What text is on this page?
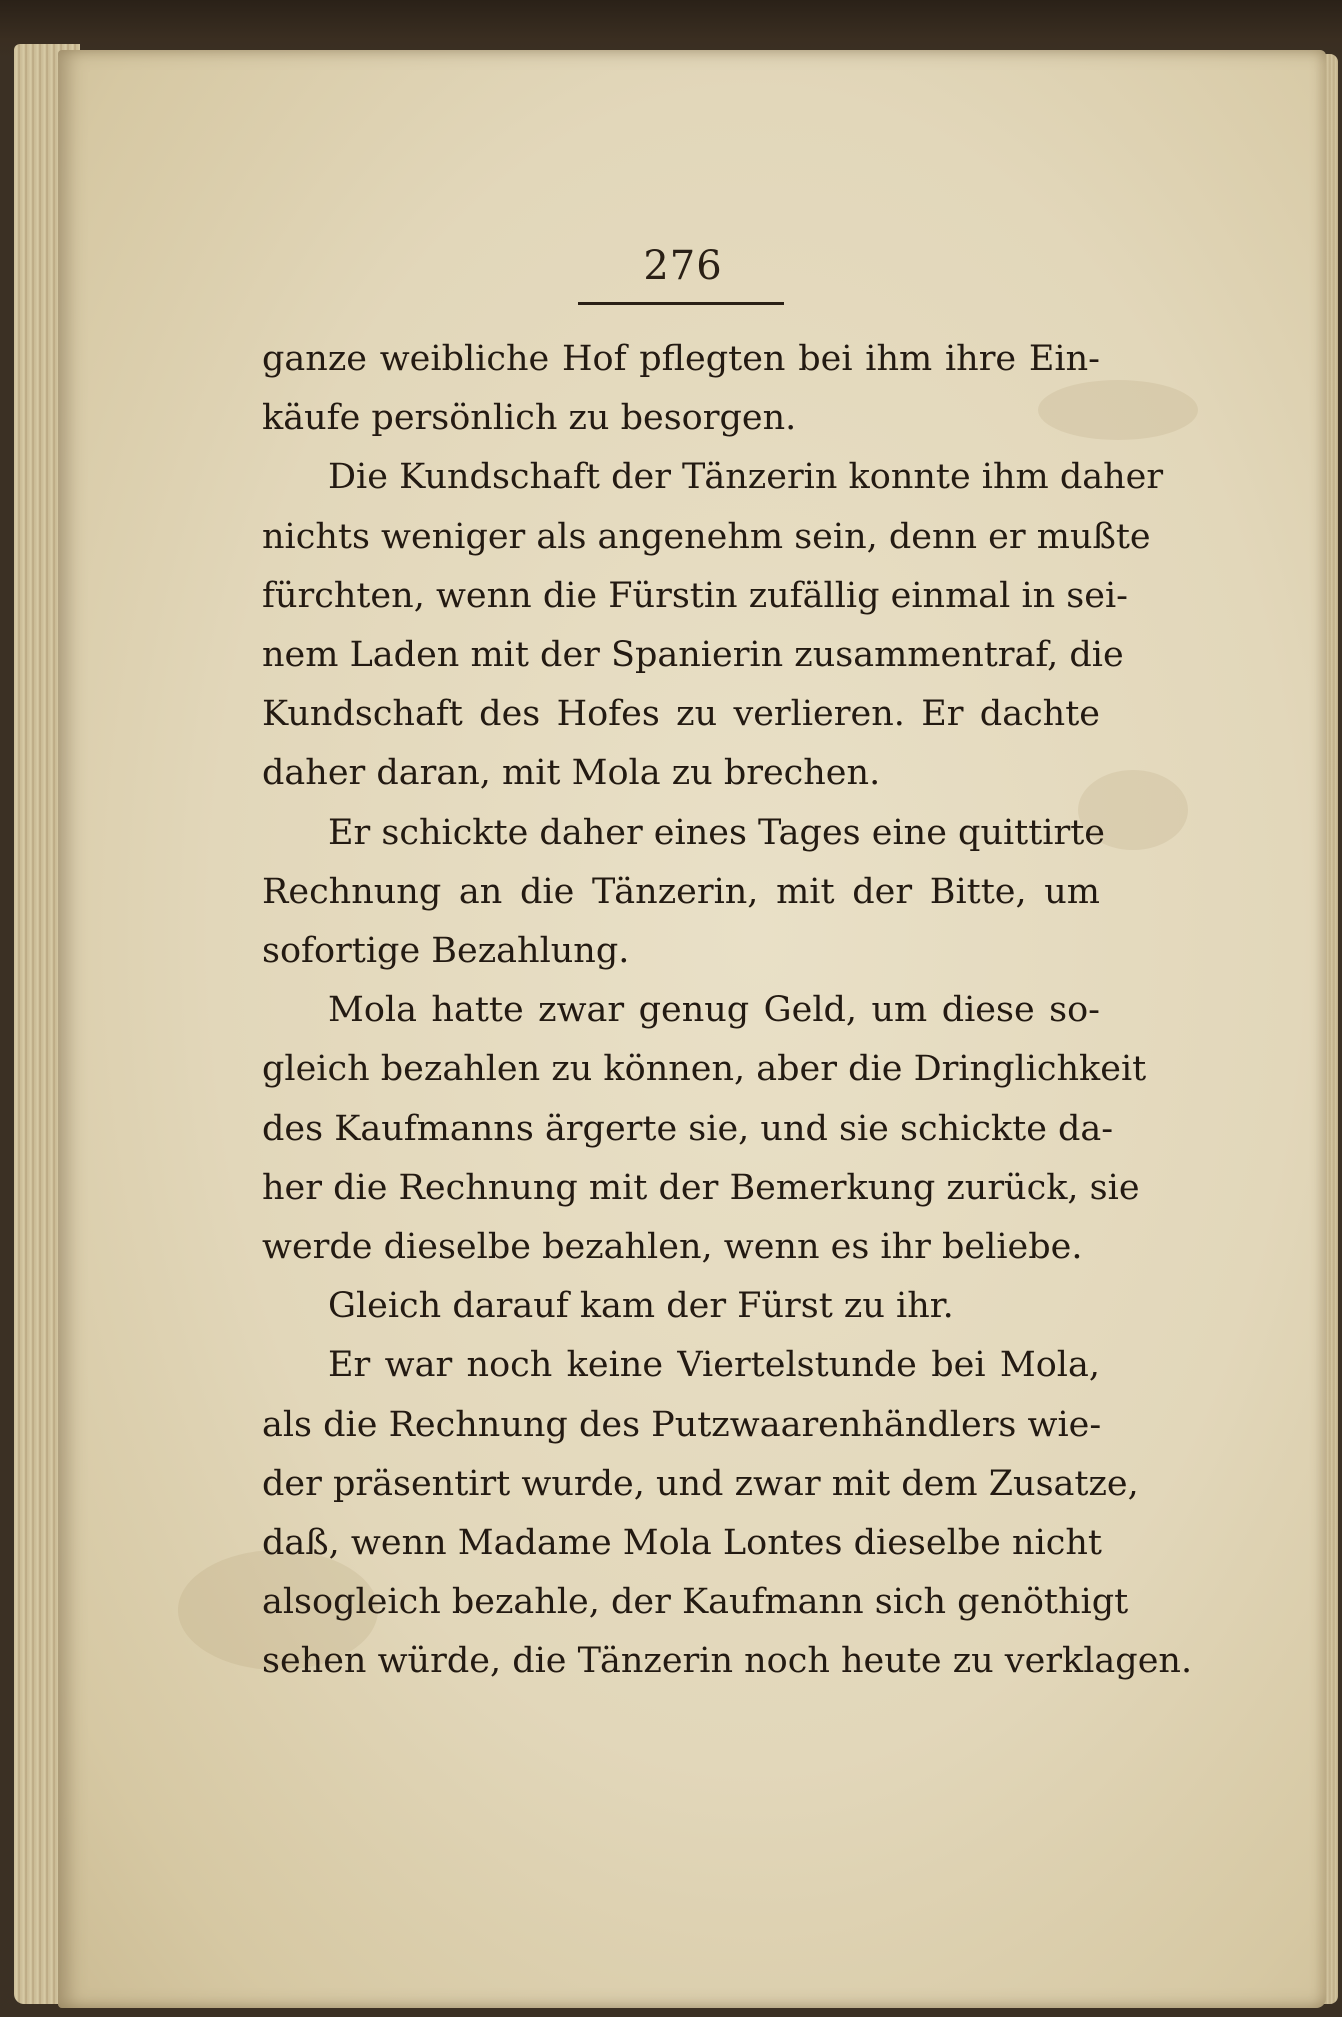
276
ganze weibliche Hof pflegten bei ihm ihre Ein-
käufe persönlich zu besorgen.
Die Kundschaft der Tänzerin konnte ihm daher
nichts weniger als angenehm sein, denn er mußte
fürchten, wenn die Fürstin zufällig einmal in sei-
nem Laden mit der Spanierin zusammentraf, die
Kundschaft des Hofes zu verlieren. Er dachte
daher daran, mit Mola zu brechen.
Er schickte daher eines Tages eine quittirte
Rechnung an die Tänzerin, mit der Bitte, um
sofortige Bezahlung.
Mola hatte zwar genug Geld, um diese so-
gleich bezahlen zu können, aber die Dringlichkeit
des Kaufmanns ärgerte sie, und sie schickte da-
her die Rechnung mit der Bemerkung zurück, sie
werde dieselbe bezahlen, wenn es ihr beliebe.
Gleich darauf kam der Fürst zu ihr.
Er war noch keine Viertelstunde bei Mola,
als die Rechnung des Putzwaarenhändlers wie-
der präsentirt wurde, und zwar mit dem Zusatze,
daß, wenn Madame Mola Lontes dieselbe nicht
alsogleich bezahle, der Kaufmann sich genöthigt
sehen würde, die Tänzerin noch heute zu verklagen.
